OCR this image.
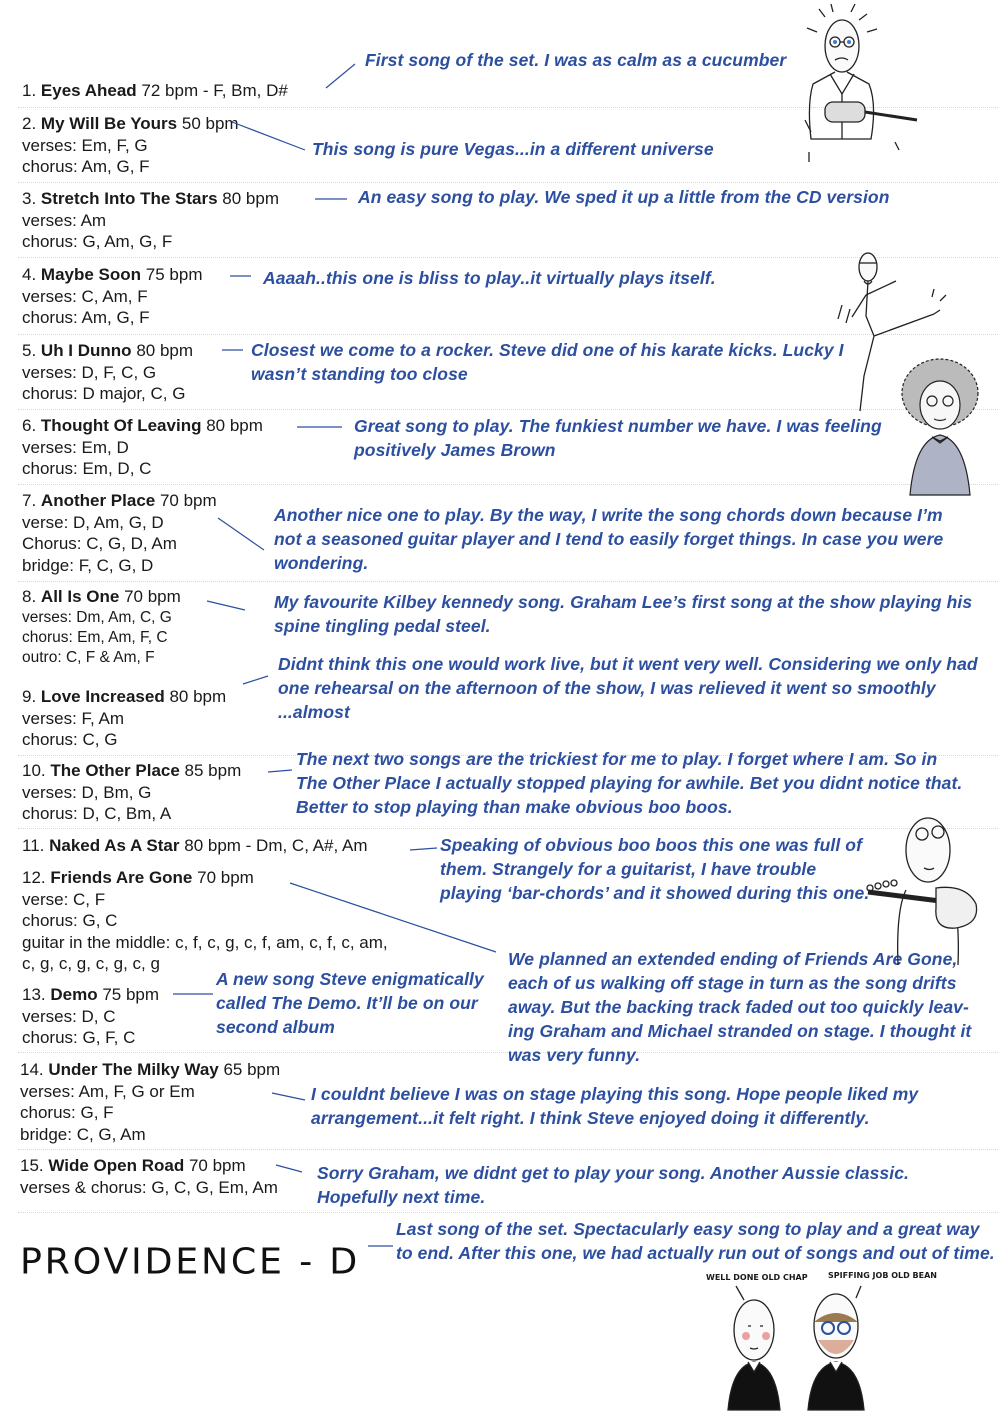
1. Eyes Ahead 72 bpm - F, Bm, D#
2. My Will Be Yours 50 bpm
verses: Em, F, G
chorus: Am, G, F
3. Stretch Into The Stars 80 bpm
verses: Am
chorus: G, Am, G, F
4. Maybe Soon 75 bpm
verses: C, Am, F
chorus: Am, G, F
5. Uh I Dunno 80 bpm
verses: D, F, C, G
chorus: D major, C, G
6. Thought Of Leaving 80 bpm
verses: Em, D
chorus: Em, D, C
7. Another Place 70 bpm
verse: D, Am, G, D
Chorus: C, G, D, Am
bridge: F, C, G, D
8. All Is One 70 bpm
verses: Dm, Am, C, G
chorus: Em, Am, F, C
outro: C, F & Am, F
9. Love Increased 80 bpm
verses: F, Am
chorus: C, G
10. The Other Place 85 bpm
verses: D, Bm, G
chorus: D, C, Bm, A
11. Naked As A Star 80 bpm - Dm, C, A#, Am
12. Friends Are Gone 70 bpm
verse: C, F
chorus: G, C
guitar in the middle: c, f, c, g, c, f, am, c, f, c, am,
c, g, c, g, c, g, c, g
13. Demo 75 bpm
verses: D, C
chorus: G, F, C
14. Under The Milky Way 65 bpm
verses: Am, F, G or Em
chorus: G, F
bridge: C, G, Am
15. Wide Open Road 70 bpm
verses & chorus: G, C, G, Em, Am
First song of the set. I was as calm as a cucumber
This song is pure Vegas...in a different universe
An easy song to play. We sped it up a little from the CD version
Aaaah..this one is bliss to play..it virtually plays itself.
Closest we come to a rocker. Steve did one of his karate kicks. Lucky I wasn’t standing too close
Great song to play. The funkiest number we have. I was feeling positively James Brown
Another nice one to play. By the way, I write the song chords down because I’m not a seasoned guitar player and I tend to easily forget things. In case you were wondering.
My favourite Kilbey kennedy song. Graham Lee’s first song at the show playing his spine tingling pedal steel.
Didnt think this one would work live, but it went very well. Considering we only had one rehearsal on the afternoon of the show, I was relieved it went so smoothly ...almost
The next two songs are the trickiest for me to play. I forget where I am. So in The Other Place I actually stopped playing for awhile. Bet you didnt notice that. Better to stop playing than make obvious boo boos.
Speaking of obvious boo boos this one was full of them. Strangely for a guitarist, I have trouble playing ‘bar-chords’ and it showed during this one.
We planned an extended ending of Friends Are Gone, each of us walking off stage in turn as the song drifts away. But the backing track faded out too quickly leav- ing Graham and Michael stranded on stage. I thought it was very funny.
A new song Steve enigmatically called The Demo. It’ll be on our second album
I couldnt believe I was on stage playing this song. Hope people liked my arrangement...it felt right. I think Steve enjoyed doing it differently.
Sorry Graham, we didnt get to play your song. Another Aussie classic. Hopefully next time.
Last song of the set. Spectacularly easy song to play and a great way to end. After this one, we had actually run out of songs and out of time.
WELL DONE OLD CHAP	SPIFFING JOB OLD BEAN
PROVIDENCE - D
